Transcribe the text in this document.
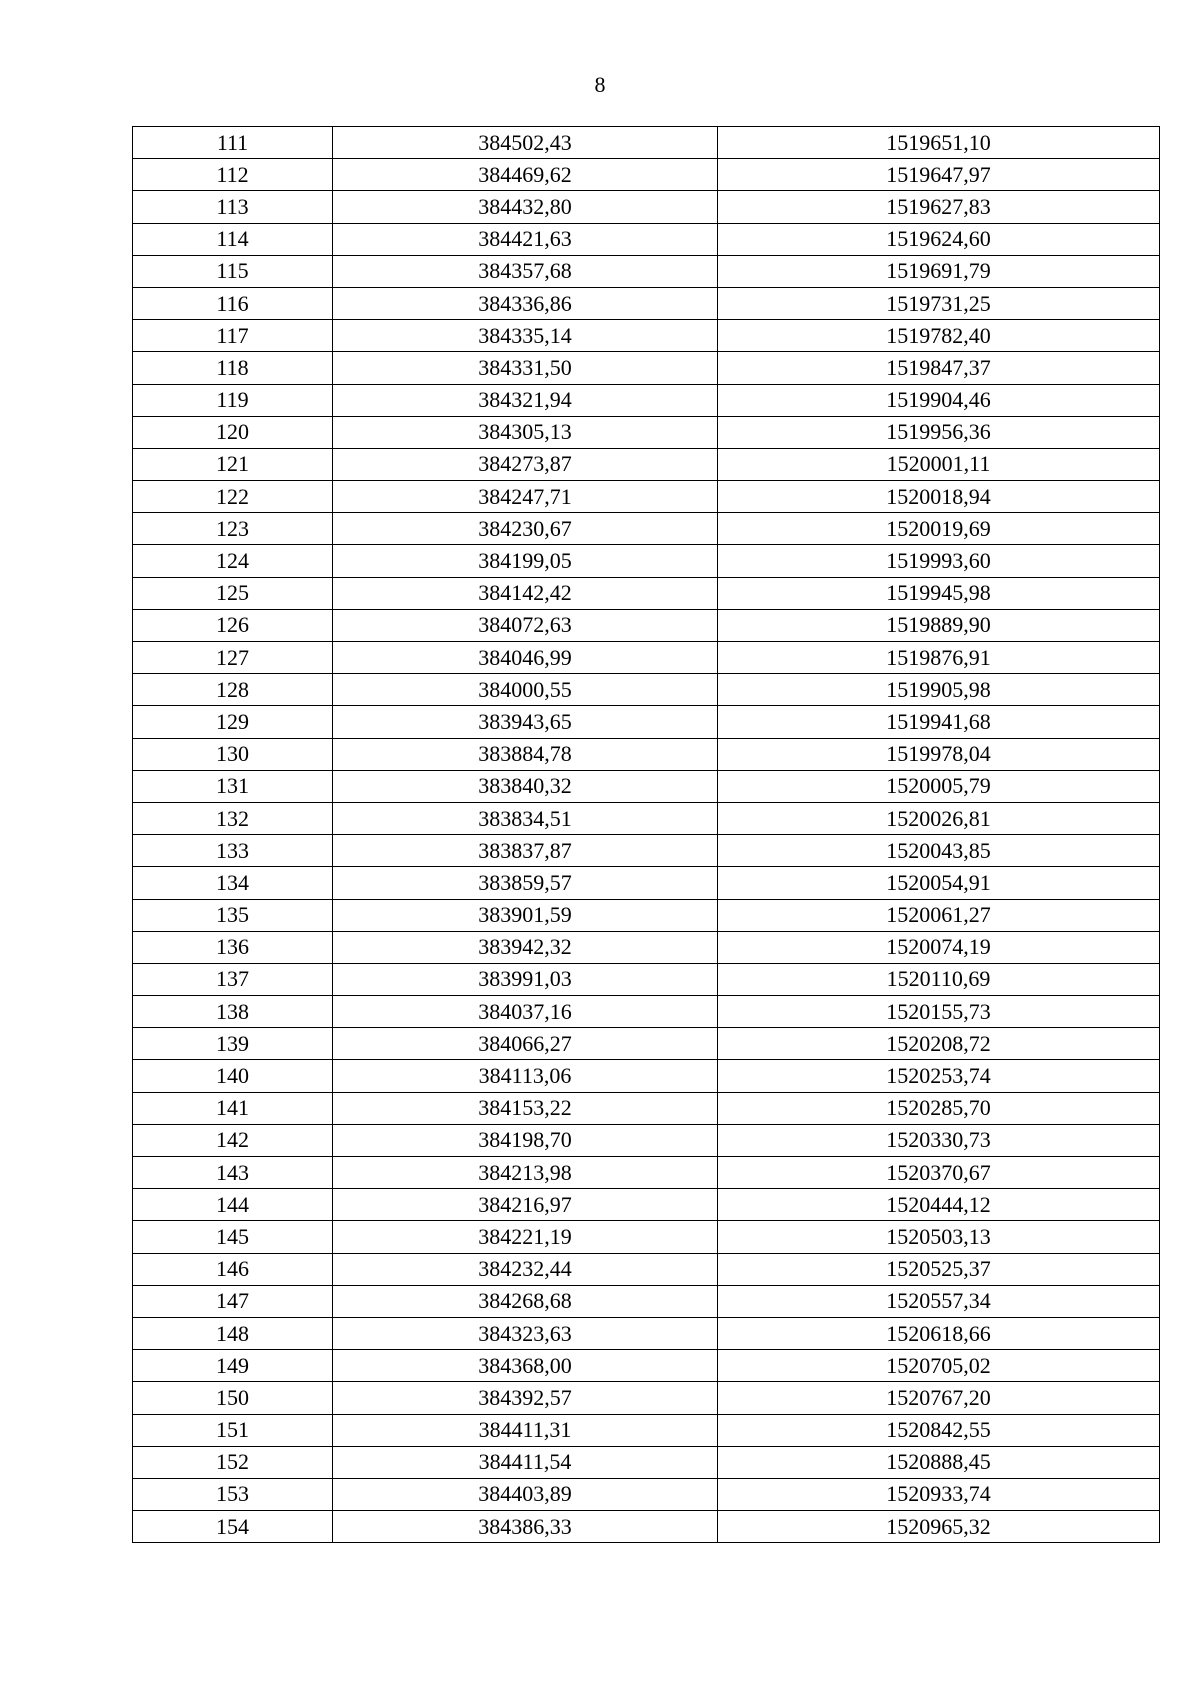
8
111	384502,43	1519651,10
112	384469,62	1519647,97
113	384432,80	1519627,83
114	384421,63	1519624,60
115	384357,68	1519691,79
116	384336,86	1519731,25
117	384335,14	1519782,40
118	384331,50	1519847,37
119	384321,94	1519904,46
120	384305,13	1519956,36
121	384273,87	1520001,11
122	384247,71	1520018,94
123	384230,67	1520019,69
124	384199,05	1519993,60
125	384142,42	1519945,98
126	384072,63	1519889,90
127	384046,99	1519876,91
128	384000,55	1519905,98
129	383943,65	1519941,68
130	383884,78	1519978,04
131	383840,32	1520005,79
132	383834,51	1520026,81
133	383837,87	1520043,85
134	383859,57	1520054,91
135	383901,59	1520061,27
136	383942,32	1520074,19
137	383991,03	1520110,69
138	384037,16	1520155,73
139	384066,27	1520208,72
140	384113,06	1520253,74
141	384153,22	1520285,70
142	384198,70	1520330,73
143	384213,98	1520370,67
144	384216,97	1520444,12
145	384221,19	1520503,13
146	384232,44	1520525,37
147	384268,68	1520557,34
148	384323,63	1520618,66
149	384368,00	1520705,02
150	384392,57	1520767,20
151	384411,31	1520842,55
152	384411,54	1520888,45
153	384403,89	1520933,74
154	384386,33	1520965,32
